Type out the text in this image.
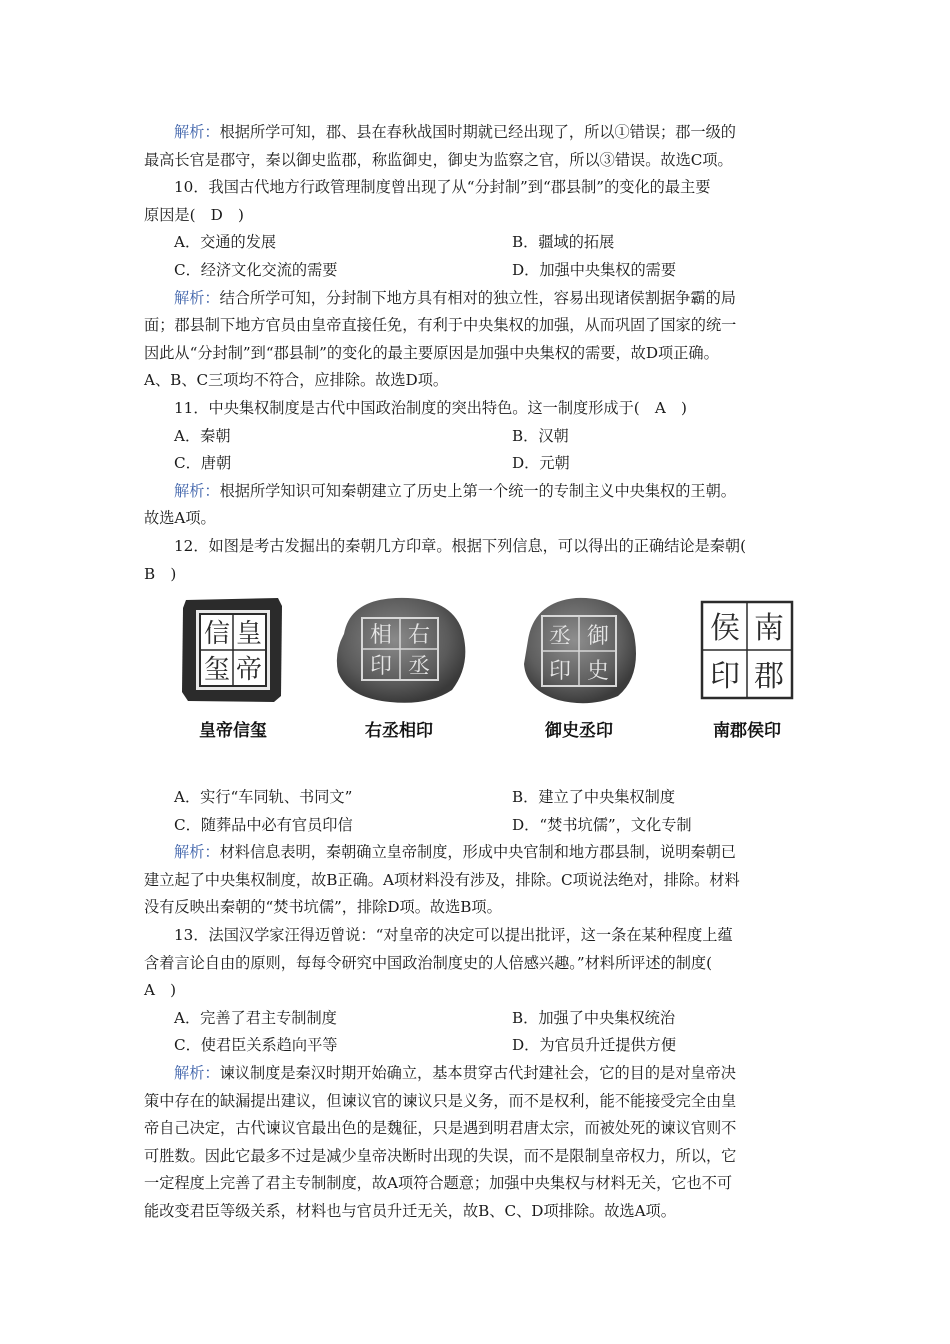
解析：根据所学可知，郡、县在春秋战国时期就已经出现了，所以①错误；郡一级的

最高长官是郡守，秦以御史监郡，称监御史，御史为监察之官，所以③错误。故选C项。

10．我国古代地方行政管理制度曾出现了从“分封制”到“郡县制”的变化的最主要

原因是(　D　)

A．交通的发展	B．疆域的拓展
C．经济文化交流的需要	D．加强中央集权的需要

解析：结合所学可知，分封制下地方具有相对的独立性，容易出现诸侯割据争霸的局

面；郡县制下地方官员由皇帝直接任免，有利于中央集权的加强，从而巩固了国家的统一

因此从“分封制”到“郡县制”的变化的最主要原因是加强中央集权的需要，故D项正确。

A、B、C三项均不符合，应排除。故选D项。

11．中央集权制度是古代中国政治制度的突出特色。这一制度形成于(　A　)

A．秦朝	B．汉朝
C．唐朝	D．元朝

解析：根据所学知识可知秦朝建立了历史上第一个统一的专制主义中央集权的王朝。

故选A项。

12．如图是考古发掘出的秦朝几方印章。根据下列信息，可以得出的正确结论是秦朝(

B　)

皇
帝
信
玺
皇帝信玺
右
丞
相
印
右丞相印
御
史
丞
印
御史丞印
南
郡
侯
印
南郡侯印
A．实行“车同轨、书同文”	B．建立了中央集权制度
C．随葬品中必有官员印信	D．“焚书坑儒”，文化专制

解析：材料信息表明，秦朝确立皇帝制度，形成中央官制和地方郡县制，说明秦朝已

建立起了中央集权制度，故B正确。A项材料没有涉及，排除。C项说法绝对，排除。材料

没有反映出秦朝的“焚书坑儒”，排除D项。故选B项。

13．法国汉学家汪得迈曾说：“对皇帝的决定可以提出批评，这一条在某种程度上蕴

含着言论自由的原则，每每令研究中国政治制度史的人倍感兴趣。”材料所评述的制度(

A　)

A．完善了君主专制制度	B．加强了中央集权统治
C．使君臣关系趋向平等	D．为官员升迁提供方便

解析：谏议制度是秦汉时期开始确立，基本贯穿古代封建社会，它的目的是对皇帝决

策中存在的缺漏提出建议，但谏议官的谏议只是义务，而不是权利，能不能接受完全由皇

帝自己决定，古代谏议官最出色的是魏征，只是遇到明君唐太宗，而被处死的谏议官则不

可胜数。因此它最多不过是减少皇帝决断时出现的失误，而不是限制皇帝权力，所以，它

一定程度上完善了君主专制制度，故A项符合题意；加强中央集权与材料无关，它也不可

能改变君臣等级关系，材料也与官员升迁无关，故B、C、D项排除。故选A项。
